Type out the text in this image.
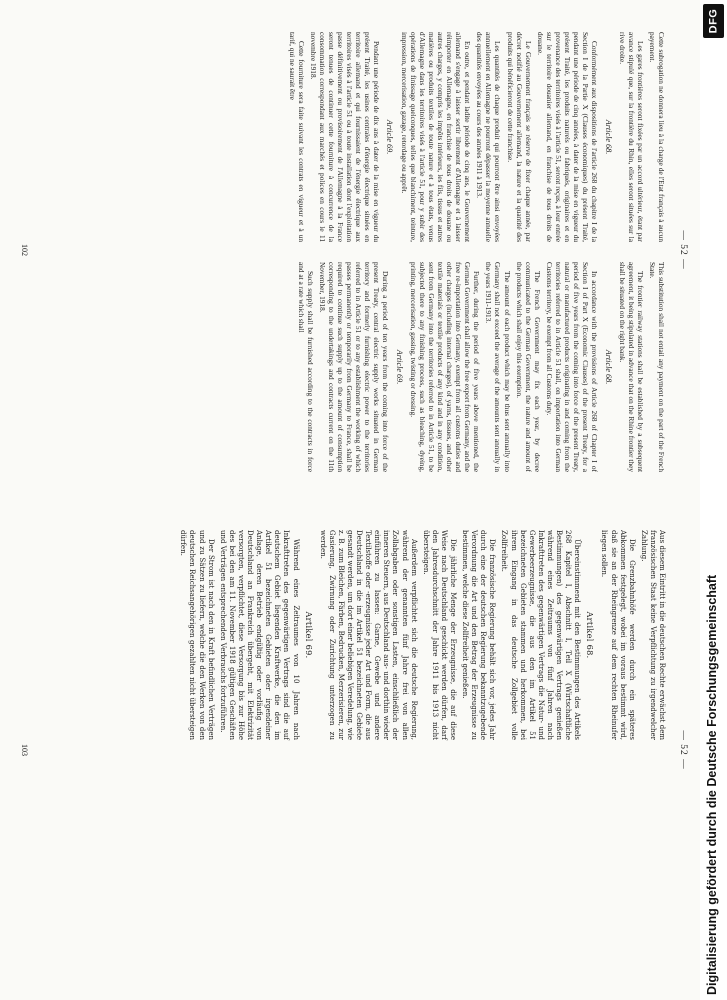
— 52 —

Cette subrogation ne donnera lieu à la charge de l'Etat français à aucun payement.

Les gares frontières seront fixées par un accord ultérieur, étant par avance stipulé que, sur la frontière du Rhin, elles seront situées sur la rive droite.

Article 68.

Conformément aux dispositions de l'article 268 du chapitre I de la Section I de la Partie X (Clauses économiques) du présent Traité, pendant une période de cinq années, à dater de la mise en vigueur du présent Traité, les produits naturels ou fabriqués, originaires et en provenance des territoires visés à l'article 51, seront reçus, à leur entrée sur le territoire douanier allemand, en franchise de tous droits de douane.

Le Gouvernement français se réserve de fixer chaque année, par décret notifié au Gouvernement allemand, la nature et la quantité des produits qui bénéficieront de cette franchise.

Les quantités de chaque produit qui pourront être ainsi envoyées annuellement en Allemagne ne pourront dépasser la moyenne annuelle des quantités envoyées au cours des années 1911 à 1913.

En outre, et pendant ladite période de cinq ans, le Gouvernement allemand s'engage à laisser sortir librement d'Allemagne et à laisser réimporter en Allemagne, en franchise de tous droits de douane ou autres charges, y compris les impôts intérieurs, les fils, tissus et autres matières ou produits textiles de toute nature et à tous états, venus d'Allemagne dans les territoires visés à l'article 51, pour y subir des opérations de finissage quelconques, telles que blanchiment, teinture, impression, mercerisation, gazage, retordage ou apprêt.

Article 69.

Pendant une période de dix ans à dater de la mise en vigueur du présent Traité, les usines centrales d'énergie électrique situées en territoire allemand et qui fournissaient de l'énergie électrique aux territoires visés à l'article 51 ou à toute installation dont l'exploitation passe définitivement ou provisoirement de l'Allemagne à la France seront tenues de continuer cette fourniture à concurrence de la consommation correspondant aux marchés et polices en cours le 11 novembre 1918.

Cette fourniture sera faite suivant les contrats en vigueur et à un tarif, qui ne saurait être

This substitution shall not entail any payment on the part of the French State.

The frontier railway stations shall be established by a subsequent agreement, it being stipulated in advance that on the Rhine frontier they shall be situated on the right bank.

Article 68.

In accordance with the provisions of Article 268 of Chapter I of Section I of Part X (Economic Clauses) of the present Treaty, for a period of five years from the coming into force of the present Treaty, natural or manufactured products originating in and coming from the territories referred to in Article 51 shall, on importation into German Customs territory, be exempt from all Customs duty.

The French Government may fix each year, by decree communicated to the German Government, the nature and amount of the products which shall enjoy this exemption.

The amount of each product which may be thus sent annually into Germany shall not exceed the average of the amounts sent annually in the years 1911-1913.

Further, during the period of five years above mentioned, the German Government shall allow the free export from Germany, and the free re-importation into Germany, exempt from all customs duties and other charges (including internal charges), of yarns, tissues, and other textile materials or textile products of any kind and in any condition, sent from Germany into the territories referred to in Article 51, to be subjected there to any finishing process, such as bleaching, dyeing, printing, mercerisation, gassing, twisting or dressing.

Article 69.

During a period of ten years from the coming into force of the present Treaty, central electric supply works situated in German territory and formerly furnishing electric power to the territories referred to in Article 51 or to any establishment the working of which passes permanently or temporarily from Germany to France, shall be required to continue such supply up to the amount of consumption corresponding to the undertakings and contracts current on the 11th November, 1918.

Such supply shall be furnished according to the contracts in force and at a rate which shall

102
— 52 —

Aus diesem Eintritt in die deutschen Rechte erwächst dem französischen Staat keine Verpflichtung zu irgendwelcher Zahlung.

Die Grenzbahnhöfe werden durch ein späteres Abkommen festgelegt, wobei im voraus bestimmt wird, daß sie an der Rheingrenze auf dem rechten Rheinufer liegen sollen.

Artikel 68.

Übereinstimmend mit den Bestimmungen des Artikels 268 Kapitel I, Abschnitt I, Teil X (Wirtschaftliche Bestimmungen) des gegenwärtigen Vertrags genießen während eines Zeitraums von fünf Jahren nach Inkrafttreten des gegenwärtigen Vertrags die Natur- und Gewerbeerzeugnisse, die aus den im Artikel 51 bezeichneten Gebieten stammen und herkommen, bei ihrem Eingang in das deutsche Zollgebiet volle Zollfreiheit.

Die französische Regierung behält sich vor, jedes Jahr durch eine der deutschen Regierung bekanntzugebende Verordnung die Art und den Betrag der Erzeugnisse zu bestimmen, welche diese Zollfreiheit genießen.

Die jährliche Menge der Erzeugnisse, die auf diese Weise nach Deutschland geschickt werden dürfen, darf den Jahresdurchschnitt der Jahre 1911 bis 1913 nicht übersteigen.

Außerdem verpflichtet sich die deutsche Regierung, während der genannten fünf Jahre frei von allen Zollabgaben oder sonstigen Lasten, einschließlich der inneren Steuern, aus Deutschland aus- und dorthin wieder einführen zu lassen: Garne, Gewebe und andere Textilstoffe oder -erzeugnisse jeder Art und Form, die aus Deutschland in die im Artikel 51 bezeichneten Gebiete gesandt werden, um dort einer beliebigen Veredelung, wie z. B. zum Bleichen, Färben, Bedrucken, Merzerisieren, zur Gasierung, Zwirnung oder Zurichtung unterzogen zu werden.

Artikel 69.

Während eines Zeitraumes von 10 Jahren nach Inkrafttreten des gegenwärtigen Vertrags sind die auf deutschem Gebiet liegenden Kraftwerke, die den im Artikel 51 bezeichneten Gebieten oder irgendeiner Anlage, deren Betrieb endgültig oder vorläufig von Deutschland an Frankreich übergeht, mit Elektrizität versorgten, verpflichtet, diese Versorgung bis zur Höhe des bei den am 11. November 1918 gültigen Geschäften und Verträgen entsprechenden Verbrauchs fortzuführen.

Der Strom ist nach den in Kraft befindlichen Verträgen und zu Sätzen zu liefern, welche die den Werken von den deutschen Reichsangehörigen gezahlten nicht übersteigen dürfen.

103
DFG
Digitalisierung gefördert durch die Deutsche Forschungsgemeinschaft
